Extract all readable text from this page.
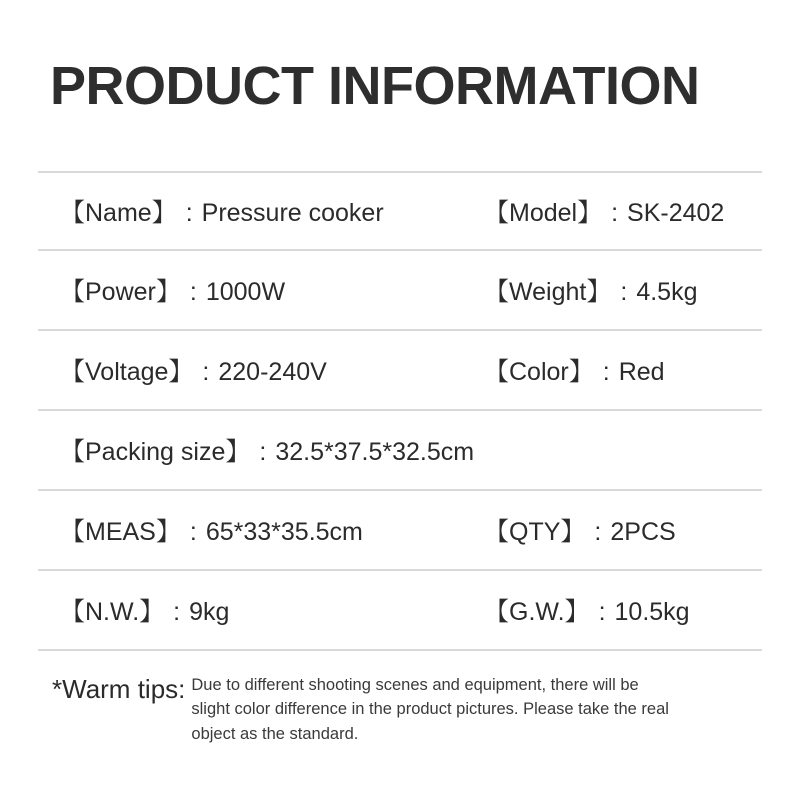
PRODUCT INFORMATION
【Name】 : Pressure cooker	【Model】 : SK-2402
【Power】 : 1000W	【Weight】 : 4.5kg
【Voltage】 : 220-240V	【Color】 : Red
【Packing size】 : 32.5*37.5*32.5cm
【MEAS】 : 65*33*35.5cm	【QTY】 : 2PCS
【N.W.】 : 9kg	【G.W.】 : 10.5kg
*Warm tips: Due to different shooting scenes and equipment, there will be slight color difference in the product pictures. Please take the real object as the standard.
